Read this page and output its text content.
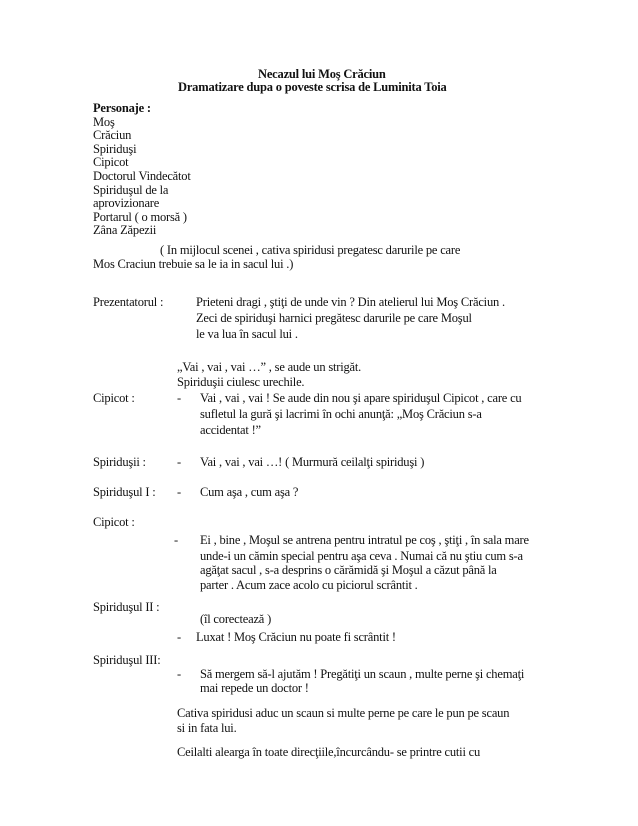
Necazul lui Moş Crăciun
Dramatizare dupa o poveste scrisa de Luminita Toia
Personaje :
Moş
Crăciun
Spiriduşi
Cipicot
Doctorul Vindecătot
Spiriduşul de la
aprovizionare
Portarul ( o morsă )
Zâna Zăpezii
( In mijlocul scenei , cativa spiridusi pregatesc darurile pe care
Mos Craciun trebuie sa le ia in sacul lui .)
Prezentatorul :	Prieteni dragi , ştiţi de unde vin ? Din atelierul lui Moş Crăciun .
Zeci de spiriduşi harnici pregătesc darurile pe care Moşul
le va lua în sacul lui .
„Vai , vai , vai …” , se aude un strigăt.
Spiriduşii ciulesc urechile.
Cipicot :	- Vai , vai , vai ! Se aude din nou şi apare spiriduşul Cipicot , care cu
sufletul la gură şi lacrimi în ochi anunţă: „Moş Crăciun s-a
accidentat !”
Spiriduşii : - Vai , vai , vai …! ( Murmură ceilalţi spiriduşi )
Spiriduşul I : - Cum aşa , cum aşa ?
Cipicot :
- Ei , bine , Moşul se antrena pentru intratul pe coş , ştiţi , în sala mare
unde-i un cămin special pentru aşa ceva . Numai că nu ştiu cum s-a
agăţat sacul , s-a desprins o cărămidă şi Moşul a căzut până la
parter . Acum zace acolo cu piciorul scrântit .
Spiriduşul II :
(îl corectează )
- Luxat ! Moş Crăciun nu poate fi scrântit !
Spiriduşul III:
- Să mergem să-l ajutăm ! Pregătiţi un scaun , multe perne şi chemaţi
mai repede un doctor !
Cativa spiridusi aduc un scaun si multe perne pe care le pun pe scaun
si in fata lui.
Ceilalti alearga în toate direcţiile,încurcându- se printre cutii cu
